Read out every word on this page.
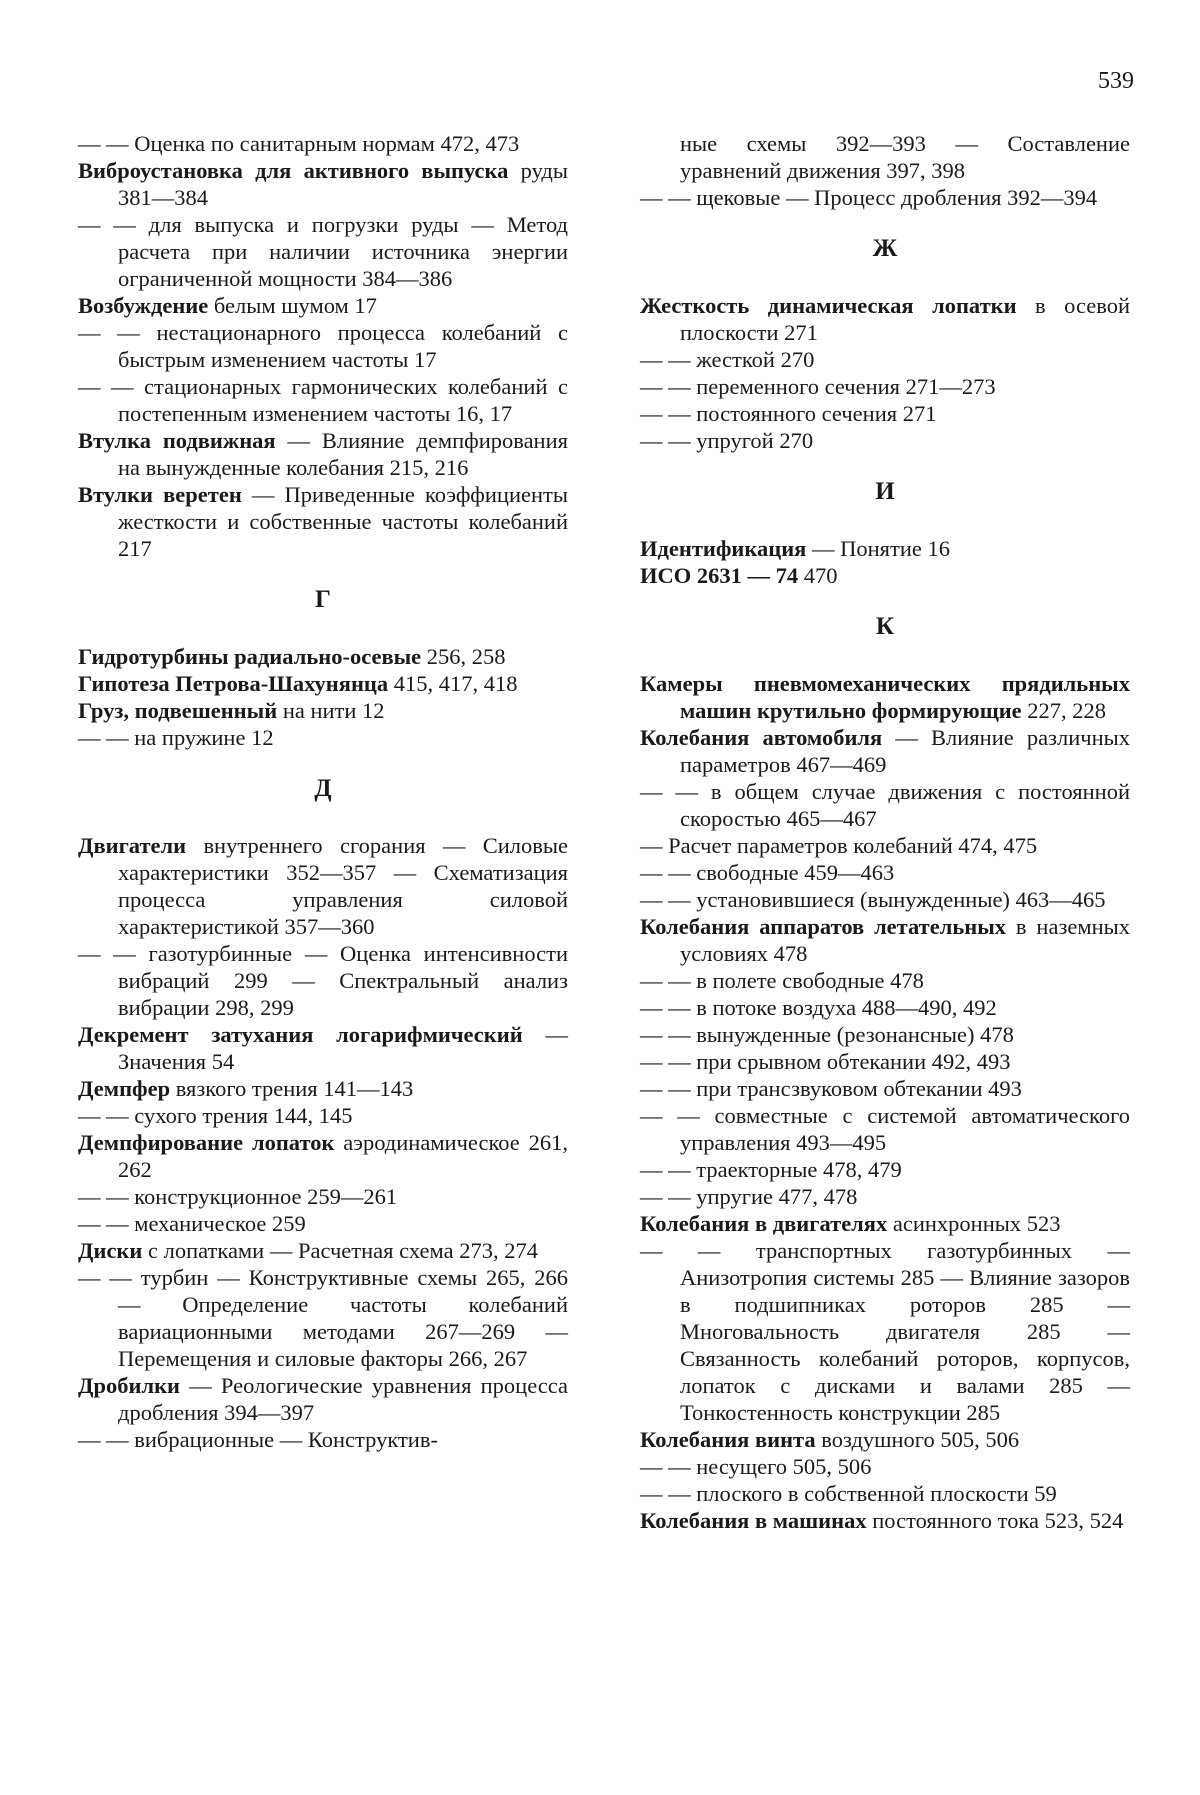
539

— — Оценка по санитарным нормам 472, 473

Виброустановка для активного выпуска руды 381—384

— — для выпуска и погрузки руды — Метод расчета при наличии источника энергии ограниченной мощности 384—386

Возбуждение белым шумом 17

— — нестационарного процесса колебаний с быстрым изменением частоты 17

— — стационарных гармонических колебаний с постепенным изменением частоты 16, 17

Втулка подвижная — Влияние демпфирования на вынужденные колебания 215, 216

Втулки веретен — Приведенные коэффициенты жесткости и собственные частоты колебаний 217

Г

Гидротурбины радиально-осевые 256, 258

Гипотеза Петрова-Шахунянца 415, 417, 418

Груз, подвешенный на нити 12

— — на пружине 12

Д

Двигатели внутреннего сгорания — Силовые характеристики 352—357 — Схематизация процесса управления силовой характеристикой 357—360

— — газотурбинные — Оценка интенсивности вибраций 299 — Спектральный анализ вибрации 298, 299

Декремент затухания логарифмический — Значения 54

Демпфер вязкого трения 141—143

— — сухого трения 144, 145

Демпфирование лопаток аэродинамическое 261, 262

— — конструкционное 259—261

— — механическое 259

Диски с лопатками — Расчетная схема 273, 274

— — турбин — Конструктивные схемы 265, 266 — Определение частоты колебаний вариационными методами 267—269 — Перемещения и силовые факторы 266, 267

Дробилки — Реологические уравнения процесса дробления 394—397

— — вибрационные — Конструктив-

ные схемы 392—393 — Составление уравнений движения 397, 398

— — щековые — Процесс дробления 392—394

Ж

Жесткость динамическая лопатки в осевой плоскости 271

— — жесткой 270

— — переменного сечения 271—273

— — постоянного сечения 271

— — упругой 270

И

Идентификация — Понятие 16

ИСО 2631 — 74 470

К

Камеры пневмомеханических прядильных машин крутильно формирующие 227, 228

Колебания автомобиля — Влияние различных параметров 467—469

— — в общем случае движения с постоянной скоростью 465—467

— Расчет параметров колебаний 474, 475

— — свободные 459—463

— — установившиеся (вынужденные) 463—465

Колебания аппаратов летательных в наземных условиях 478

— — в полете свободные 478

— — в потоке воздуха 488—490, 492

— — вынужденные (резонансные) 478

— — при срывном обтекании 492, 493

— — при трансзвуковом обтекании 493

— — совместные с системой автоматического управления 493—495

— — траекторные 478, 479

— — упругие 477, 478

Колебания в двигателях асинхронных 523

— — транспортных газотурбинных — Анизотропия системы 285 — Влияние зазоров в подшипниках роторов 285 — Многовальность двигателя 285 — Связанность колебаний роторов, корпусов, лопаток с дисками и валами 285 — Тонкостенность конструкции 285

Колебания винта воздушного 505, 506

— — несущего 505, 506

— — плоского в собственной плоскости 59

Колебания в машинах постоянного тока 523, 524
